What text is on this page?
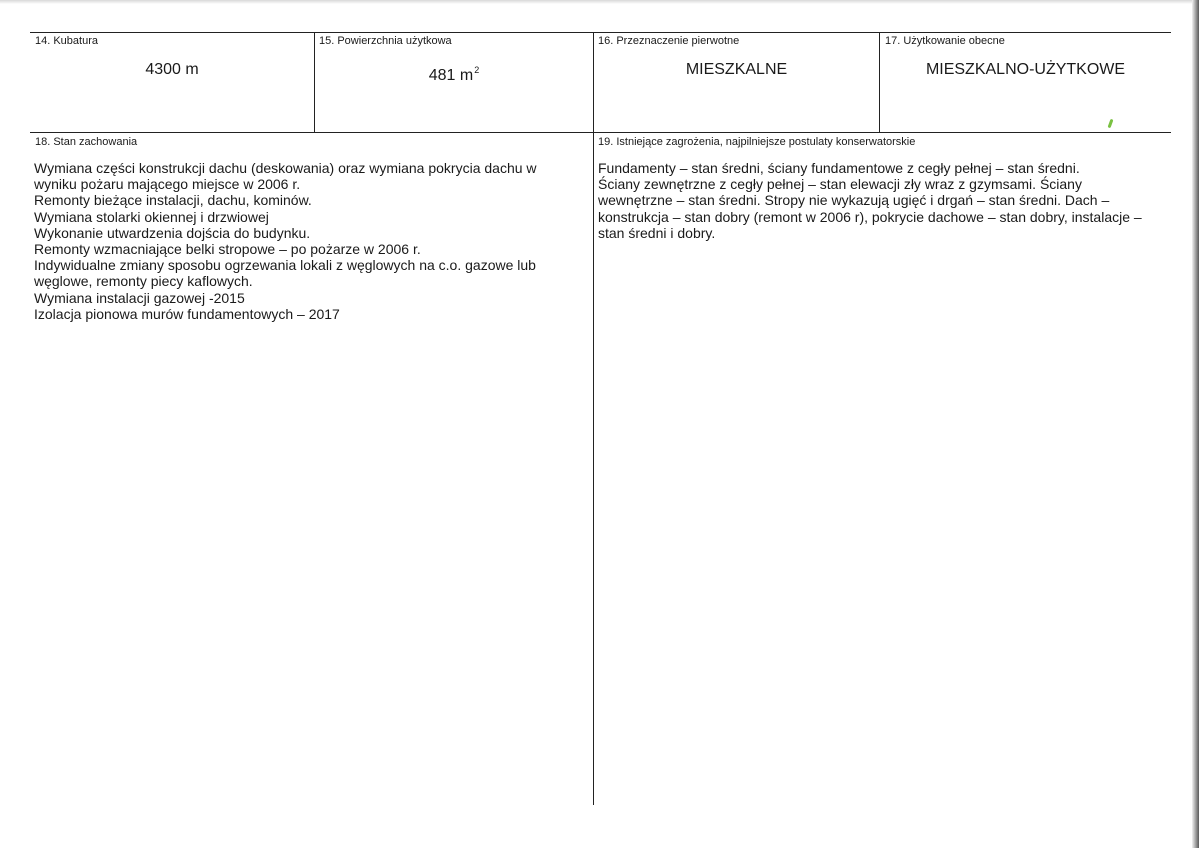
14. Kubatura
4300 m
15. Powierzchnia użytkowa
481 $m^2$
16. Przeznaczenie pierwotne
MIESZKALNE
17. Użytkowanie obecne
MIESZKALNO-UŻYTKOWE
18. Stan zachowania
Wymiana części konstrukcji dachu (deskowania) oraz wymiana pokrycia dachu w
wyniku pożaru mającego miejsce w 2006 r.
Remonty bieżące instalacji, dachu, kominów.
Wymiana stolarki okiennej i drzwiowej
Wykonanie utwardzenia dojścia do budynku.
Remonty wzmacniające belki stropowe – po pożarze w 2006 r.
Indywidualne zmiany sposobu ogrzewania lokali z węglowych na c.o. gazowe lub
węglowe, remonty piecy kaflowych.
Wymiana instalacji gazowej -2015
Izolacja pionowa murów fundamentowych – 2017
19. Istniejące zagrożenia, najpilniejsze postulaty konserwatorskie
Fundamenty – stan średni, ściany fundamentowe z cegły pełnej – stan średni.
Ściany zewnętrzne z cegły pełnej – stan elewacji zły wraz z gzymsami. Ściany
wewnętrzne – stan średni. Stropy nie wykazują ugięć i drgań – stan średni. Dach –
konstrukcja – stan dobry (remont w 2006 r), pokrycie dachowe – stan dobry, instalacje –
stan średni i dobry.
